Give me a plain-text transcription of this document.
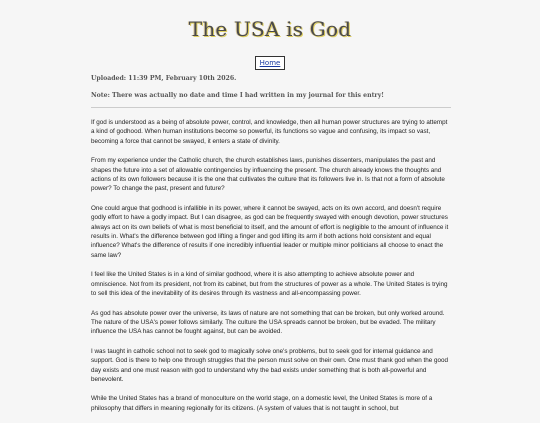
The USA is God
Home
Uploaded: 11:39 PM, February 10th 2026.
Note: There was actually no date and time I had written in my journal for this entry!

If god is understood as a being of absolute power, control, and knowledge, then all human power structures are trying to attempt a kind of godhood. When human institutions become so powerful, its functions so vague and confusing, its impact so vast, becoming a force that cannot be swayed, it enters a state of divinity.

From my experience under the Catholic church, the church establishes laws, punishes dissenters, manipulates the past and shapes the future into a set of allowable contingencies by influencing the present. The church already knows the thoughts and actions of its own followers because it is the one that cultivates the culture that its followers live in. Is that not a form of absolute power? To change the past, present and future?

One could argue that godhood is infallible in its power, where it cannot be swayed, acts on its own accord, and doesn't require godly effort to have a godly impact. But I can disagree, as god can be frequently swayed with enough devotion, power structures always act on its own beliefs of what is most beneficial to itself, and the amount of effort is negligible to the amount of influence it results in. What's the difference between god lifting a finger and god lifting its arm if both actions hold consistent and equal influence? What's the difference of results if one incredibly influential leader or multiple minor politicians all choose to enact the same law?

I feel like the United States is in a kind of similar godhood, where it is also attempting to achieve absolute power and omniscience. Not from its president, not from its cabinet, but from the structures of power as a whole. The United States is trying to sell this idea of the inevitability of its desires through its vastness and all-encompassing power.

As god has absolute power over the universe, its laws of nature are not something that can be broken, but only worked around. The nature of the USA's power follows similarly. The culture the USA spreads cannot be broken, but be evaded. The military influence the USA has cannot be fought against, but can be avoided.

I was taught in catholic school not to seek god to magically solve one's problems, but to seek god for internal guidance and support. God is there to help one through struggles that the person must solve on their own. One must thank god when the good day exists and one must reason with god to understand why the bad exists under something that is both all-powerful and benevolent.

While the United States has a brand of monoculture on the world stage, on a domestic level, the United States is more of a philosophy that differs in meaning regionally for its citizens. (A system of values that is not taught in school, but
